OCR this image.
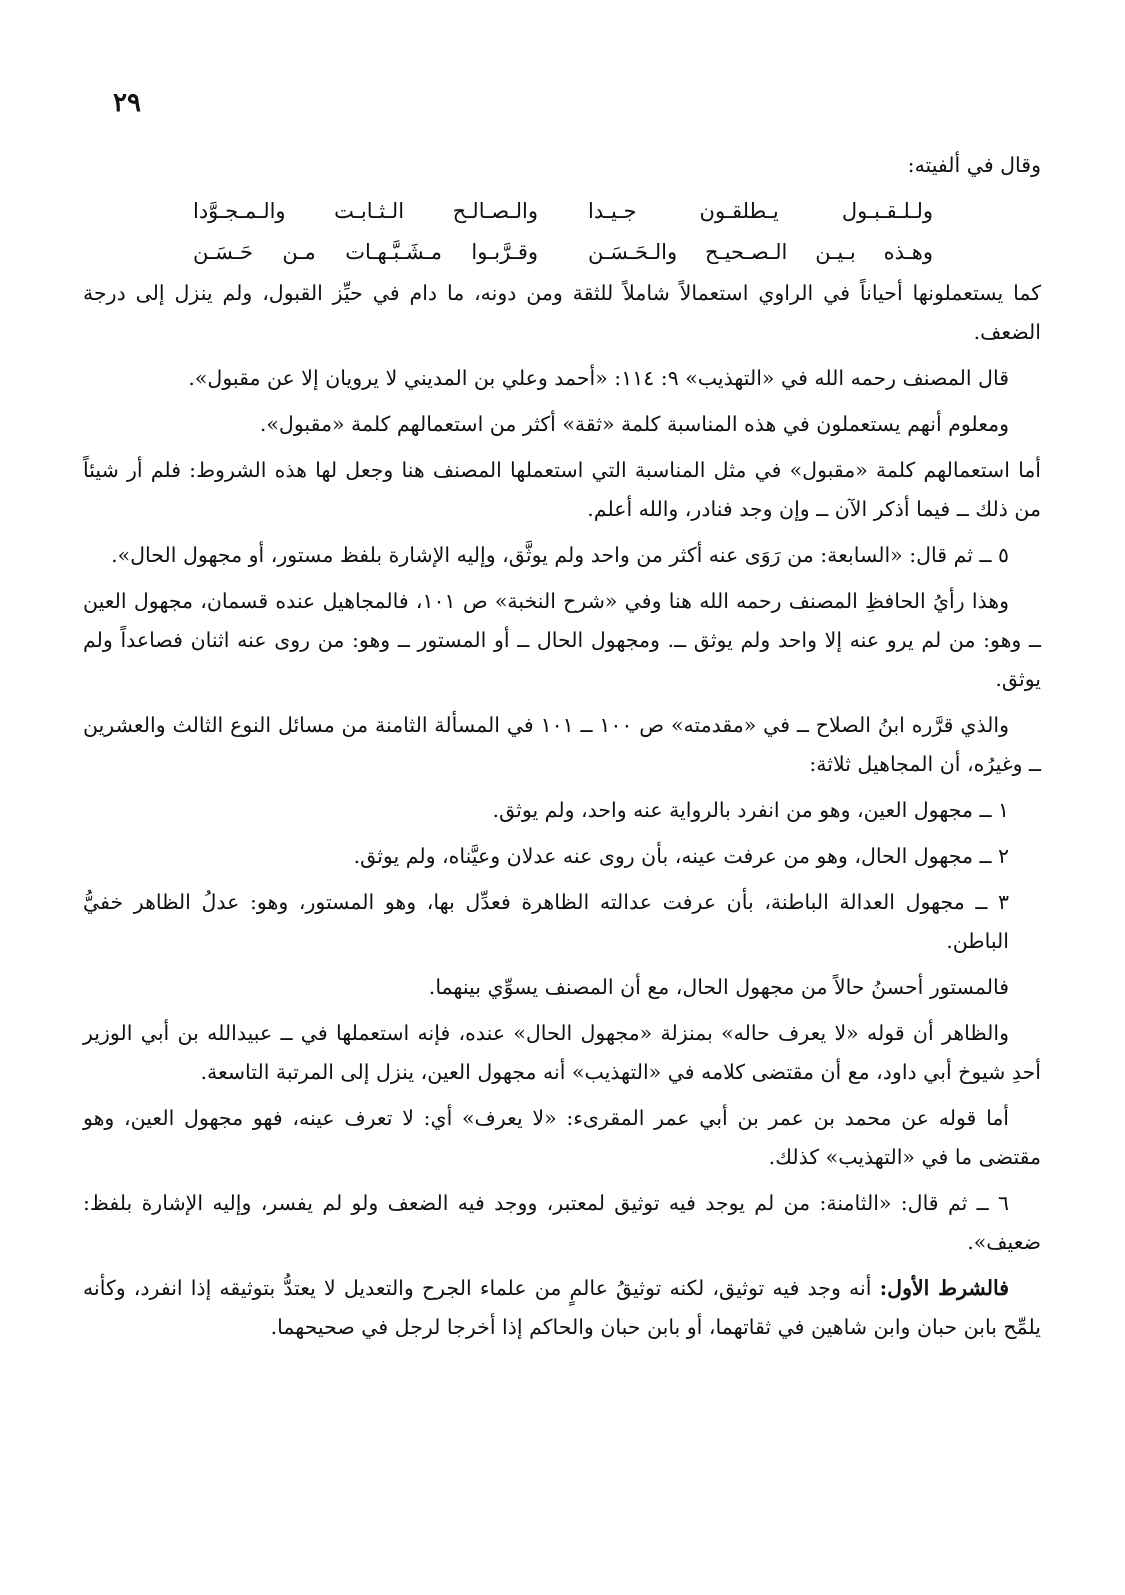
٢٩

وقال في ألفيته:

ولـلـقـبـول يـطلقـون جـيـدا
والـصـالـح الـثـابـت والـمـجـوَّدا
وهـذه بـيـن الـصـحيـح والـحَـسَـن
وقـرَّبـوا مـشَـبَّـهـات مـن حَـسَـن

كما يستعملونها أحياناً في الراوي استعمالاً شاملاً للثقة ومن دونه، ما دام في حيِّز القبول، ولم ينزل إلى درجة الضعف.

قال المصنف رحمه الله في «التهذيب» ٩: ١١٤: «أحمد وعلي بن المديني لا يرويان إلا عن مقبول».

ومعلوم أنهم يستعملون في هذه المناسبة كلمة «ثقة» أكثر من استعمالهم كلمة «مقبول».

أما استعمالهم كلمة «مقبول» في مثل المناسبة التي استعملها المصنف هنا وجعل لها هذه الشروط: فلم أر شيئاً من ذلك ــ فيما أذكر الآن ــ وإن وجد فنادر، والله أعلم.

٥ ــ ثم قال: «السابعة: من رَوَى عنه أكثر من واحد ولم يوثَّق، وإليه الإشارة بلفظ مستور، أو مجهول الحال».

وهذا رأيُ الحافظِ المصنف رحمه الله هنا وفي «شرح النخبة» ص ١٠١، فالمجاهيل عنده قسمان، مجهول العين ــ وهو: من لم يرو عنه إلا واحد ولم يوثق ــ. ومجهول الحال ــ أو المستور ــ وهو: من روى عنه اثنان فصاعداً ولم يوثق.

والذي قرَّره ابنُ الصلاح ــ في «مقدمته» ص ١٠٠ ــ ١٠١ في المسألة الثامنة من مسائل النوع الثالث والعشرين ــ وغيرُه، أن المجاهيل ثلاثة:

١ ــ مجهول العين، وهو من انفرد بالرواية عنه واحد، ولم يوثق.

٢ ــ مجهول الحال، وهو من عرفت عينه، بأن روى عنه عدلان وعيَّناه، ولم يوثق.

٣ ــ مجهول العدالة الباطنة، بأن عرفت عدالته الظاهرة فعدِّل بها، وهو المستور، وهو: عدلُ الظاهر خفيُّ الباطن.

فالمستور أحسنُ حالاً من مجهول الحال، مع أن المصنف يسوِّي بينهما.

والظاهر أن قوله «لا يعرف حاله» بمنزلة «مجهول الحال» عنده، فإنه استعملها في ــ عبيدالله بن أبي الوزير أحدِ شيوخ أبي داود، مع أن مقتضى كلامه في «التهذيب» أنه مجهول العين، ينزل إلى المرتبة التاسعة.

أما قوله عن محمد بن عمر بن أبي عمر المقرىء: «لا يعرف» أي: لا تعرف عينه، فهو مجهول العين، وهو مقتضى ما في «التهذيب» كذلك.

٦ ــ ثم قال: «الثامنة: من لم يوجد فيه توثيق لمعتبر، ووجد فيه الضعف ولو لم يفسر، وإليه الإشارة بلفظ: ضعيف».

فالشرط الأول: أنه وجد فيه توثيق، لكنه توثيقُ عالمٍ من علماء الجرح والتعديل لا يعتدُّ بتوثيقه إذا انفرد، وكأنه يلمِّح بابن حبان وابن شاهين في ثقاتهما، أو بابن حبان والحاكم إذا أخرجا لرجل في صحيحهما.
